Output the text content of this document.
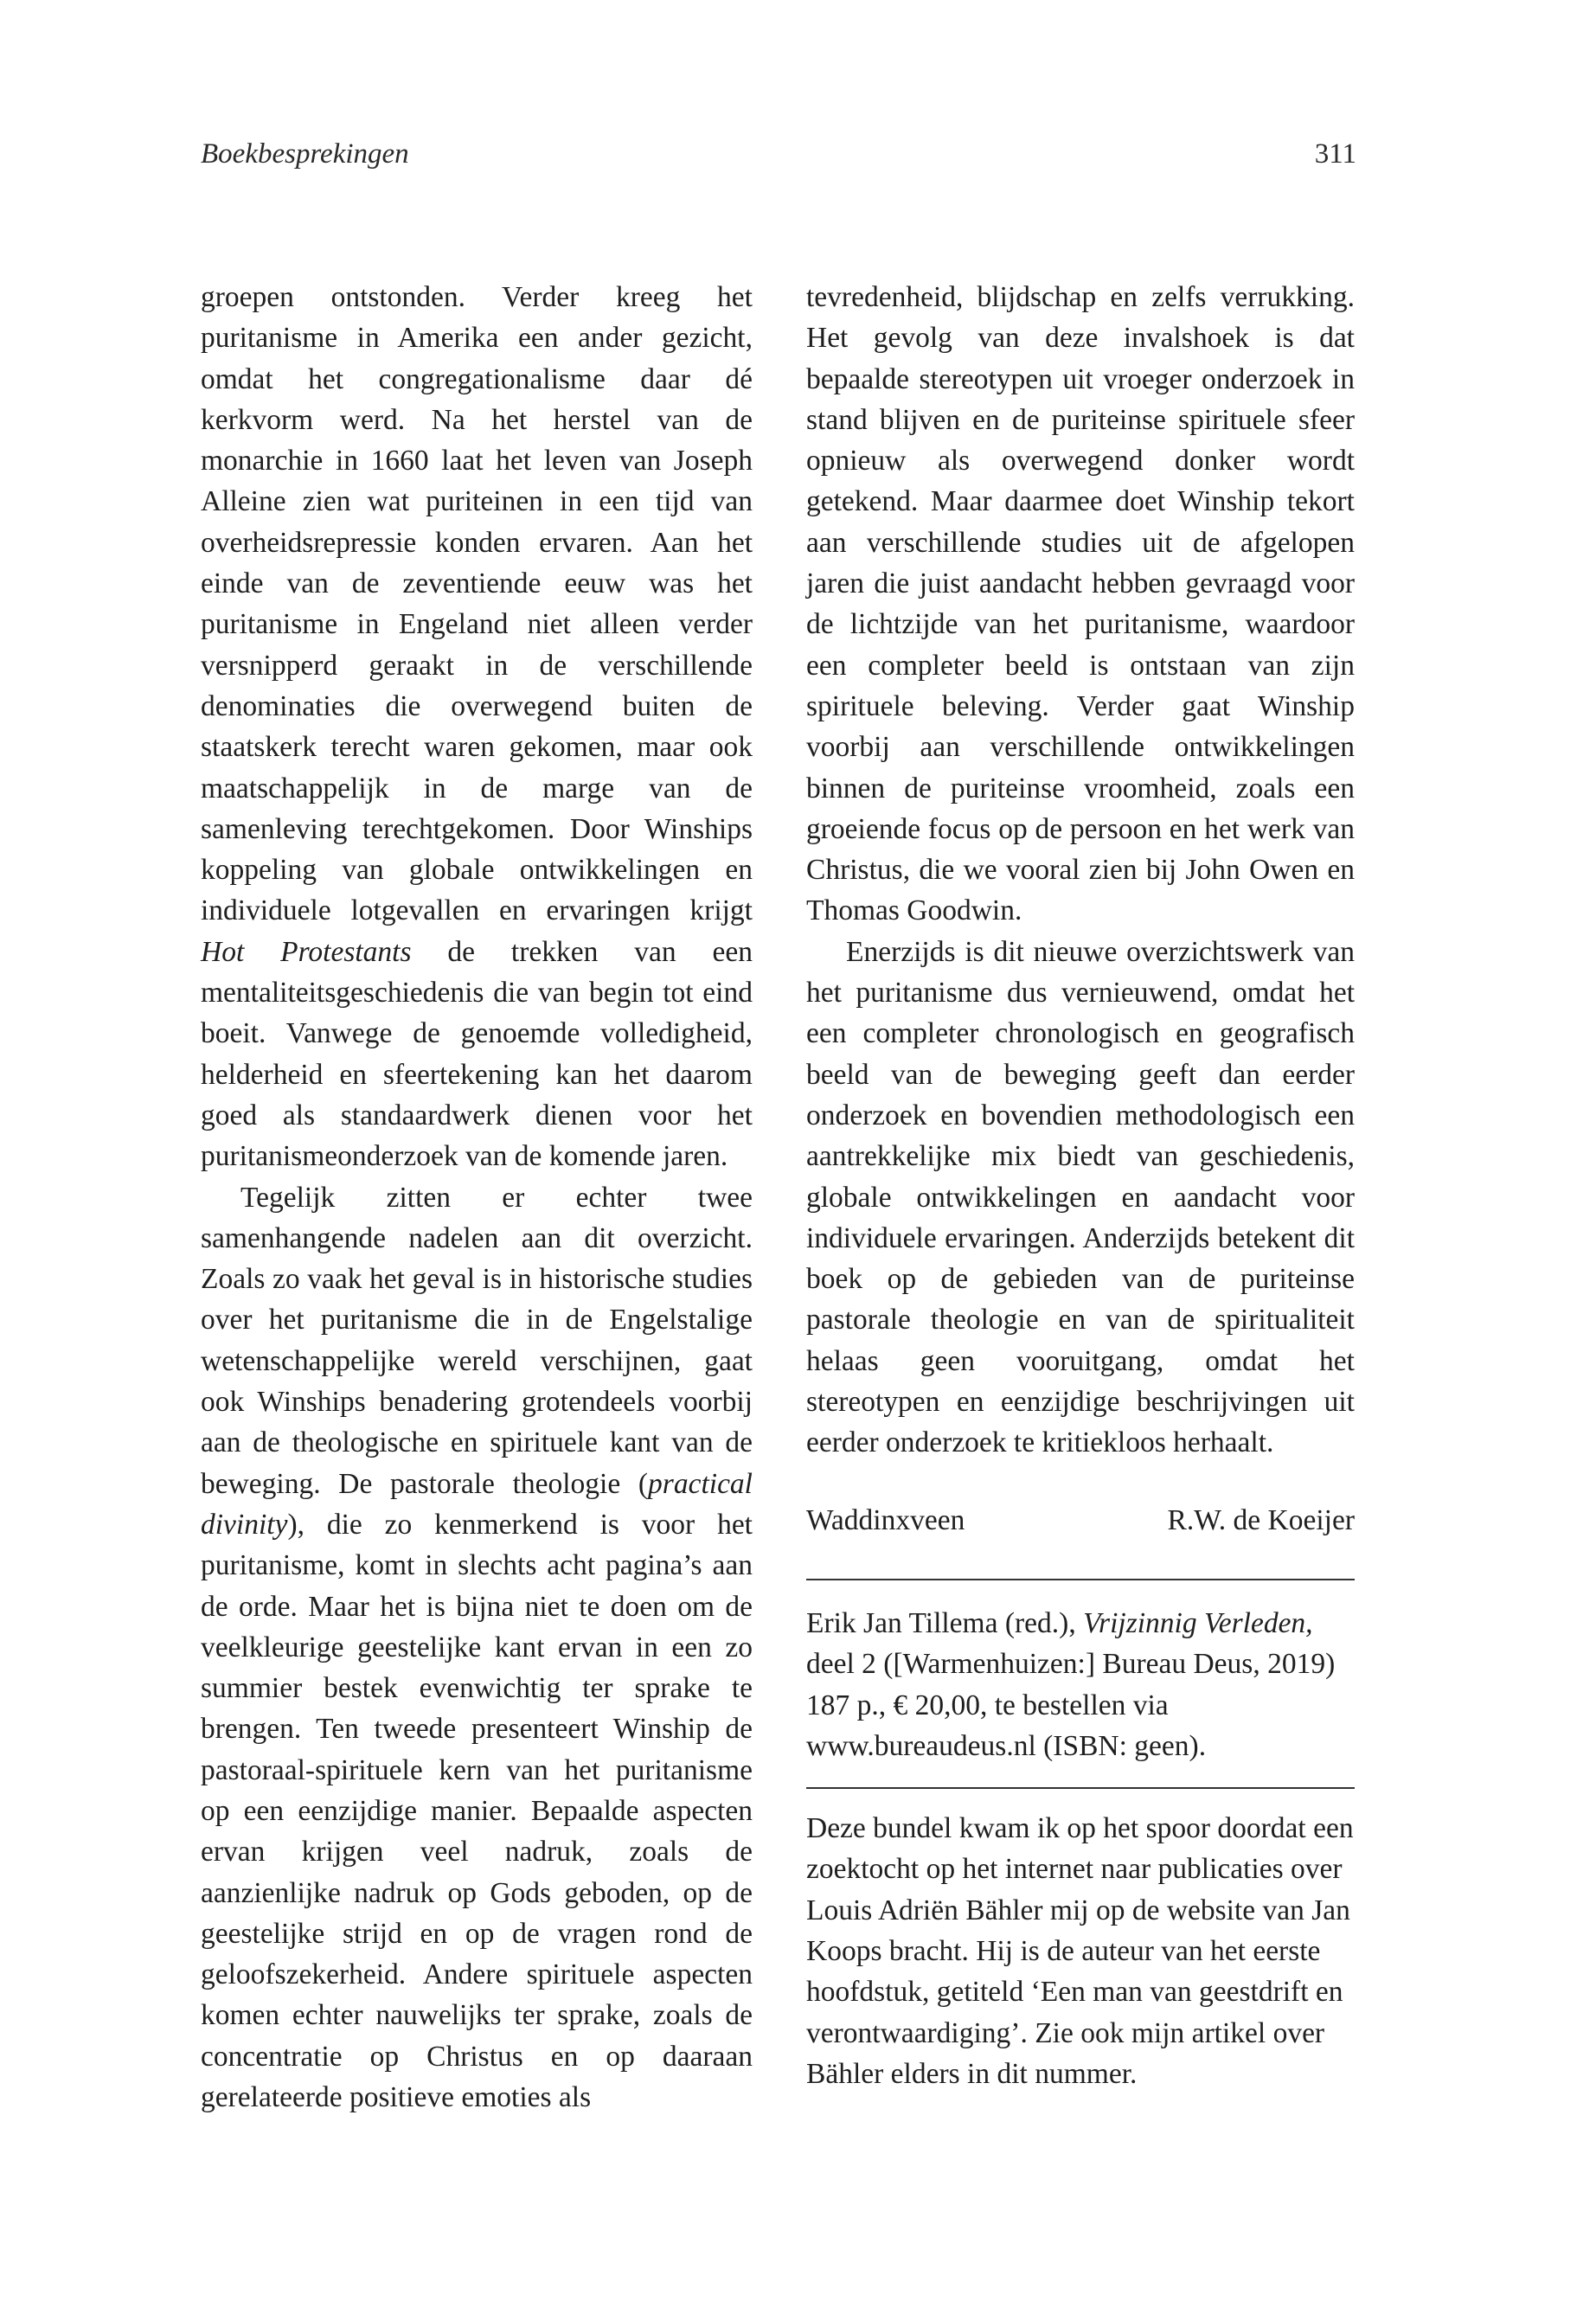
Boekbesprekingen	311

groepen ontstonden. Verder kreeg het puritanisme in Amerika een ander gezicht, omdat het congregationalisme daar dé kerkvorm werd. Na het herstel van de monarchie in 1660 laat het leven van Joseph Alleine zien wat puriteinen in een tijd van overheidsrepressie konden ervaren. Aan het einde van de zeventiende eeuw was het puritanisme in Engeland niet alleen verder versnipperd geraakt in de verschillende denominaties die overwegend buiten de staatskerk terecht waren gekomen, maar ook maatschappelijk in de marge van de samenleving terechtgekomen. Door Winships koppeling van globale ontwikkelingen en individuele lotgevallen en ervaringen krijgt Hot Protestants de trekken van een mentaliteitsgeschiedenis die van begin tot eind boeit. Vanwege de genoemde volledigheid, helderheid en sfeertekening kan het daarom goed als standaardwerk dienen voor het puritanismeonderzoek van de komende jaren.

Tegelijk zitten er echter twee samenhangende nadelen aan dit overzicht. Zoals zo vaak het geval is in historische studies over het puritanisme die in de Engelstalige wetenschappelijke wereld verschijnen, gaat ook Winships benadering grotendeels voorbij aan de theologische en spirituele kant van de beweging. De pastorale theologie (practical divinity), die zo kenmerkend is voor het puritanisme, komt in slechts acht pagina’s aan de orde. Maar het is bijna niet te doen om de veelkleurige geestelijke kant ervan in een zo summier bestek evenwichtig ter sprake te brengen. Ten tweede presenteert Winship de pastoraal-spirituele kern van het puritanisme op een eenzijdige manier. Bepaalde aspecten ervan krijgen veel nadruk, zoals de aanzienlijke nadruk op Gods geboden, op de geestelijke strijd en op de vragen rond de geloofszekerheid. Andere spirituele aspecten komen echter nauwelijks ter sprake, zoals de concentratie op Christus en op daaraan gerelateerde positieve emoties als

tevredenheid, blijdschap en zelfs verrukking. Het gevolg van deze invalshoek is dat bepaalde stereotypen uit vroeger onderzoek in stand blijven en de puriteinse spirituele sfeer opnieuw als overwegend donker wordt getekend. Maar daarmee doet Winship tekort aan verschillende studies uit de afgelopen jaren die juist aandacht hebben gevraagd voor de lichtzijde van het puritanisme, waardoor een completer beeld is ontstaan van zijn spirituele beleving. Verder gaat Winship voorbij aan verschillende ontwikkelingen binnen de puriteinse vroomheid, zoals een groeiende focus op de persoon en het werk van Christus, die we vooral zien bij John Owen en Thomas Goodwin.

Enerzijds is dit nieuwe overzichtswerk van het puritanisme dus vernieuwend, omdat het een completer chronologisch en geografisch beeld van de beweging geeft dan eerder onderzoek en bovendien methodologisch een aantrekkelijke mix biedt van geschiedenis, globale ontwikkelingen en aandacht voor individuele ervaringen. Anderzijds betekent dit boek op de gebieden van de puriteinse pastorale theologie en van de spiritualiteit helaas geen vooruitgang, omdat het stereotypen en eenzijdige beschrijvingen uit eerder onderzoek te kritiekloos herhaalt.

Waddinxveen	R.W. de Koeijer
Erik Jan Tillema (red.), Vrijzinnig Verleden, deel 2 ([Warmenhuizen:] Bureau Deus, 2019) 187 p., € 20,00, te bestellen via www.bureaudeus.nl (ISBN: geen).

Deze bundel kwam ik op het spoor doordat een zoektocht op het internet naar publicaties over Louis Adriën Bähler mij op de website van Jan Koops bracht. Hij is de auteur van het eerste hoofdstuk, getiteld ‘Een man van geestdrift en verontwaardiging’. Zie ook mijn artikel over Bähler elders in dit nummer.
